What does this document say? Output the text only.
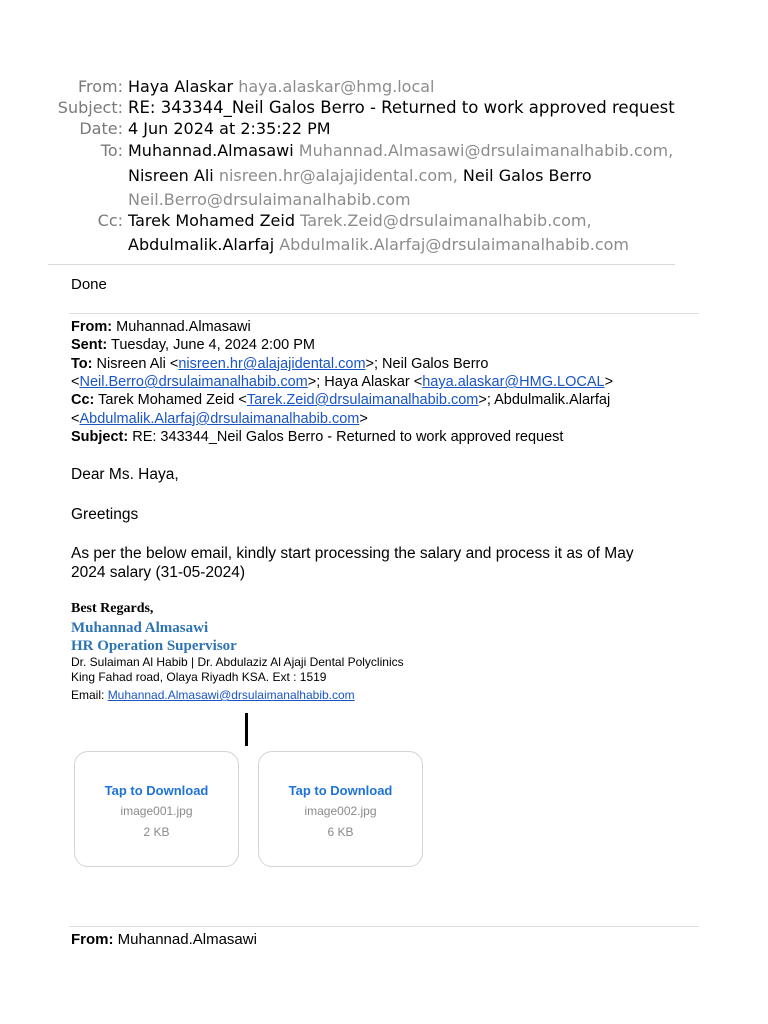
From: Haya Alaskar haya.alaskar@hmg.local
Subject: RE: 343344_Neil Galos Berro - Returned to work approved request
Date: 4 Jun 2024 at 2:35:22 PM
To: Muhannad.Almasawi Muhannad.Almasawi@drsulaimanalhabib.com,
Nisreen Ali nisreen.hr@alajajidental.com, Neil Galos Berro
Neil.Berro@drsulaimanalhabib.com
Cc: Tarek Mohamed Zeid Tarek.Zeid@drsulaimanalhabib.com,
Abdulmalik.Alarfaj Abdulmalik.Alarfaj@drsulaimanalhabib.com
Done
From: Muhannad.Almasawi
Sent: Tuesday, June 4, 2024 2:00 PM
To: Nisreen Ali <nisreen.hr@alajajidental.com>; Neil Galos Berro
<Neil.Berro@drsulaimanalhabib.com>; Haya Alaskar <haya.alaskar@HMG.LOCAL>
Cc: Tarek Mohamed Zeid <Tarek.Zeid@drsulaimanalhabib.com>; Abdulmalik.Alarfaj
<Abdulmalik.Alarfaj@drsulaimanalhabib.com>
Subject: RE: 343344_Neil Galos Berro - Returned to work approved request
Dear Ms. Haya,
Greetings
As per the below email, kindly start processing the salary and process it as of May
2024 salary (31-05-2024)
Best Regards,
Muhannad Almasawi
HR Operation Supervisor
Dr. Sulaiman Al Habib | Dr. Abdulaziz Al Ajaji Dental Polyclinics
King Fahad road, Olaya Riyadh KSA. Ext : 1519
Email: Muhannad.Almasawi@drsulaimanalhabib.com
Tap to Download
image001.jpg
2 KB
Tap to Download
image002.jpg
6 KB
From: Muhannad.Almasawi
